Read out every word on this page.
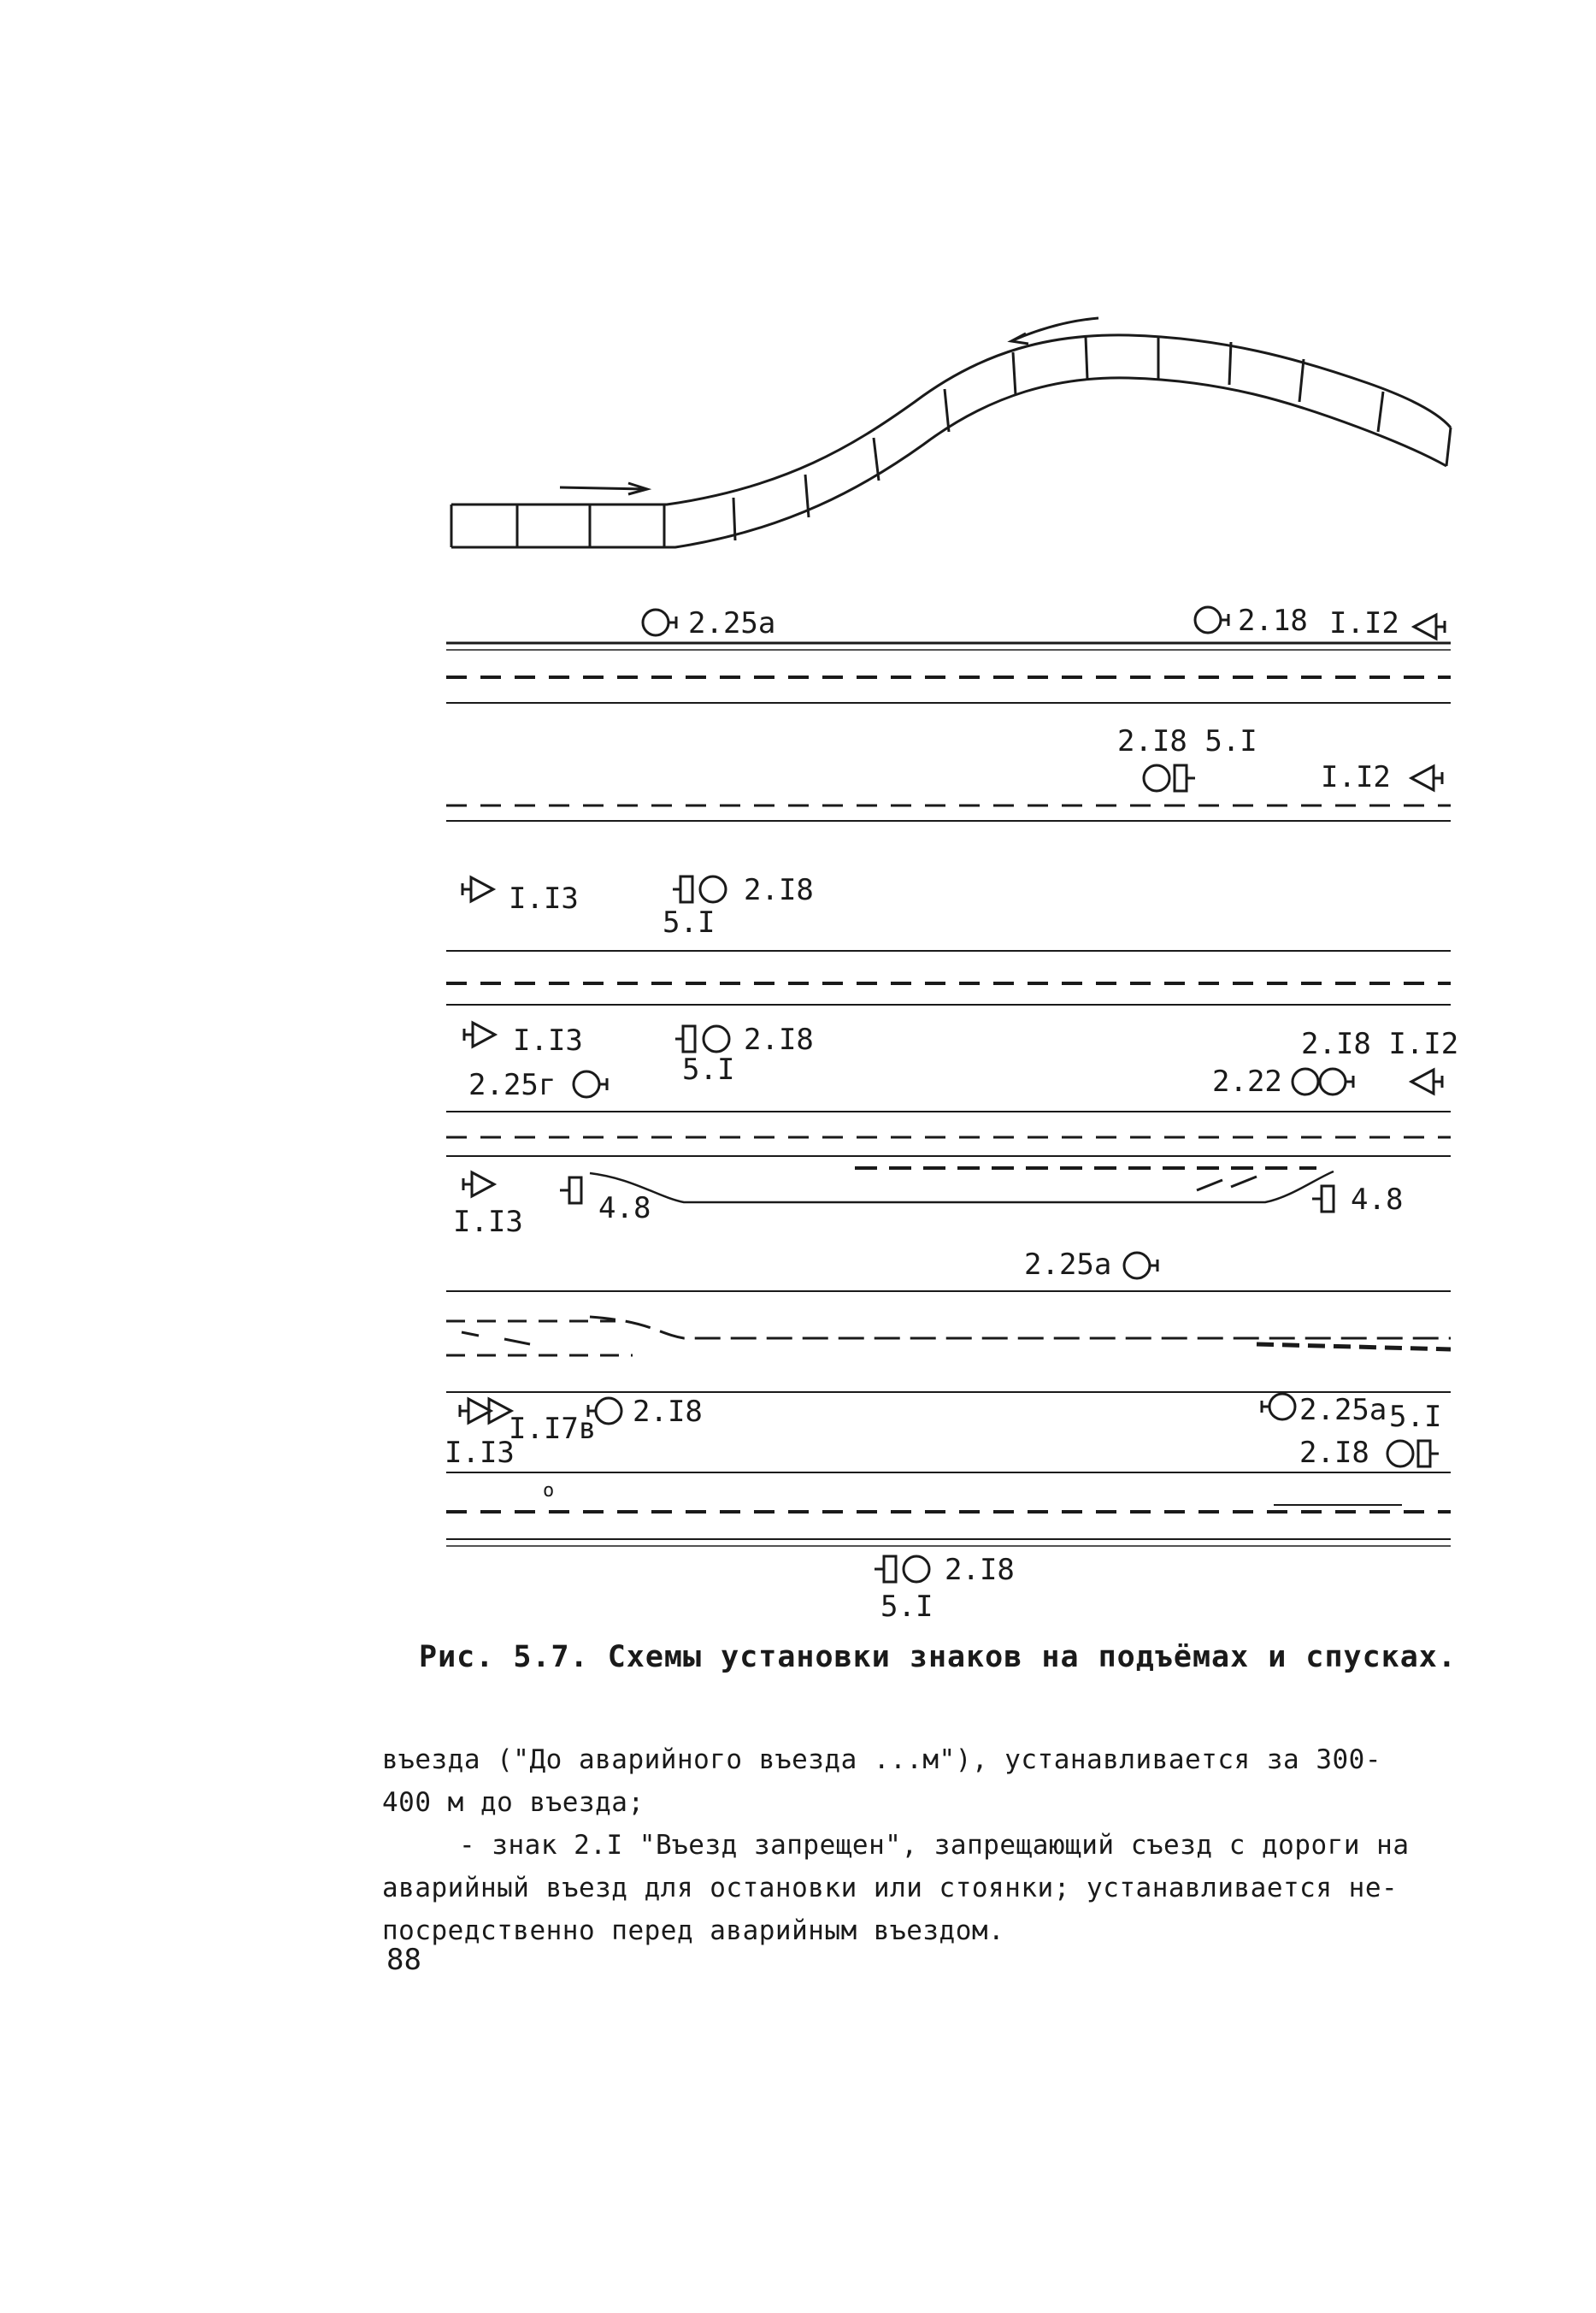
2.25а	2.18 I.I2
2.I8 5.I
I.I2
I.I3	2.I8
5.I
I.I3
2.25г
2.I8
5.I
2.I8 I.I2
2.22
I.I3	4.8	4.8
2.25а
I.I7в 2.I8
I.I3
о
2.25а 5.I
2.I8
2.I8
5.I
Рис. 5.7. Схемы установки знаков на подъёмах и спусках.

въезда ("До аварийного въезда ...м"), устанавливается за 300-

400 м до въезда;

- знак 2.I "Въезд запрещен", запрещающий съезд с дороги на

аварийный въезд для остановки или стоянки; устанавливается не-

посредственно перед аварийным въездом.

88
